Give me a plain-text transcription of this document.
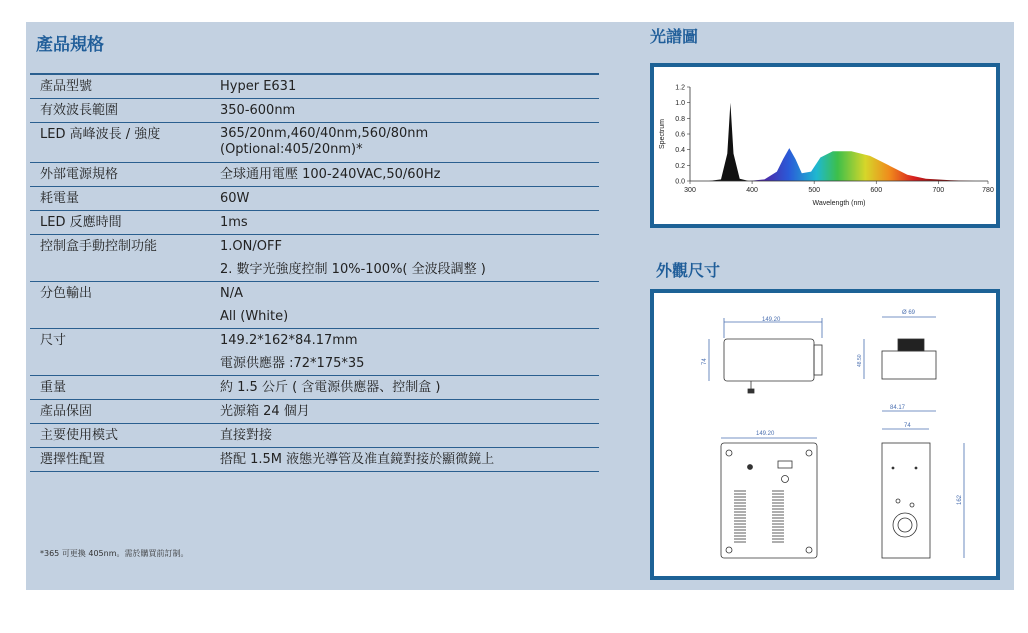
產品規格
產品型號	Hyper E631
有效波長範圍	350-600nm
LED 高峰波長 / 強度	365/20nm,460/40nm,560/80nm
(Optional:405/20nm)*
外部電源規格	全球通用電壓 100-240VAC,50/60Hz
耗電量	60W
LED 反應時間	1ms
控制盒手動控制功能	1.ON/OFF
2. 數字光強度控制 10%-100%( 全波段調整 )
分色輸出	N/A
All (White)
尺寸	149.2*162*84.17mm
電源供應器 :72*175*35
重量	約 1.5 公斤 ( 含電源供應器、控制盒 )
產品保固	光源箱 24 個月
主要使用模式	直接對接
選擇性配置	搭配 1.5M 液態光導管及准直鏡對接於顯微鏡上
*365 可更換 405nm。需於購買前訂制。
光譜圖
0.0
0.2
0.4
0.6
0.8
1.0
1.2
300	400	500	600	700	780
Wavelength (nm)
Spectrum
外觀尺寸
149.20
74
Ø 69
48.50
149.20
84.17
74
162
